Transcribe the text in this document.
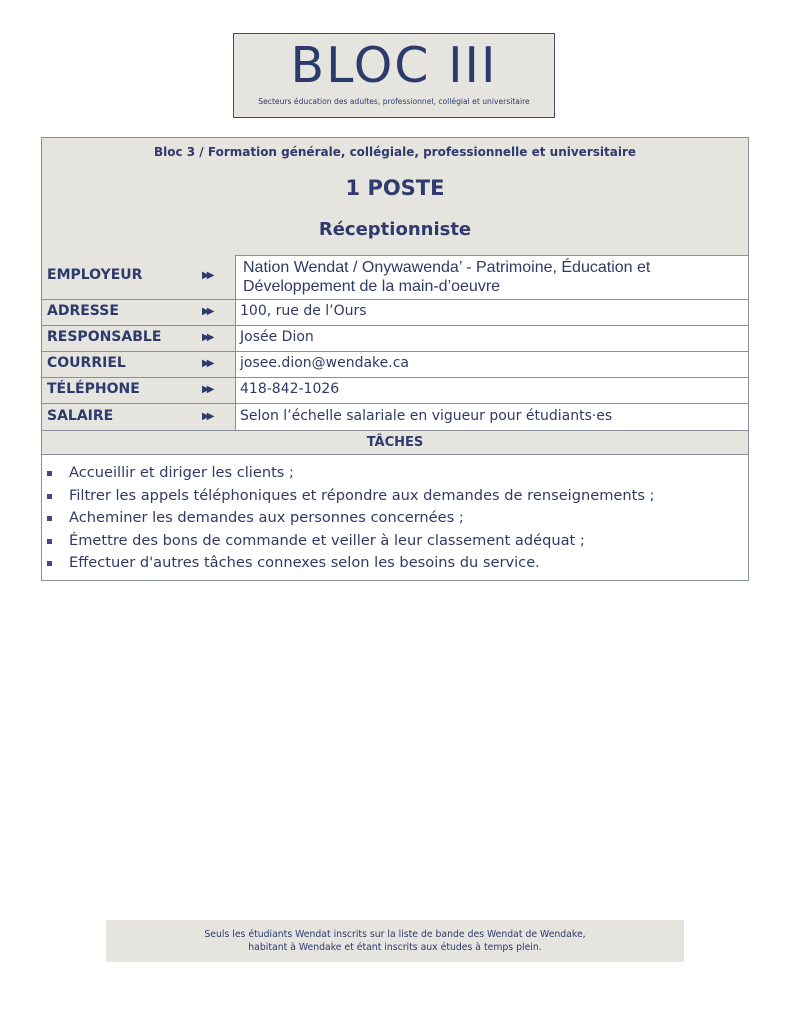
BLOC III
Secteurs éducation des adultes, professionnel, collégial et universitaire
Bloc 3 / Formation générale, collégiale, professionnelle et universitaire
1 POSTE
Réceptionniste
EMPLOYEUR	▶▶ Nation Wendat / Onywawenda’ - Patrimoine, Éducation et
Développement de la main-d’oeuvre
ADRESSE	▶▶ 100, rue de l’Ours
RESPONSABLE	▶▶ Josée Dion
COURRIEL	▶▶ josee.dion@wendake.ca
TÉLÉPHONE	▶▶ 418-842-1026
SALAIRE	▶▶ Selon l’échelle salariale en vigueur pour étudiants·es
TÂCHES
Accueillir et diriger les clients ;
Filtrer les appels téléphoniques et répondre aux demandes de renseignements ;
Acheminer les demandes aux personnes concernées ;
Émettre des bons de commande et veiller à leur classement adéquat ;
Effectuer d'autres tâches connexes selon les besoins du service.
Seuls les étudiants Wendat inscrits sur la liste de bande des Wendat de Wendake,
habitant à Wendake et étant inscrits aux études à temps plein.
